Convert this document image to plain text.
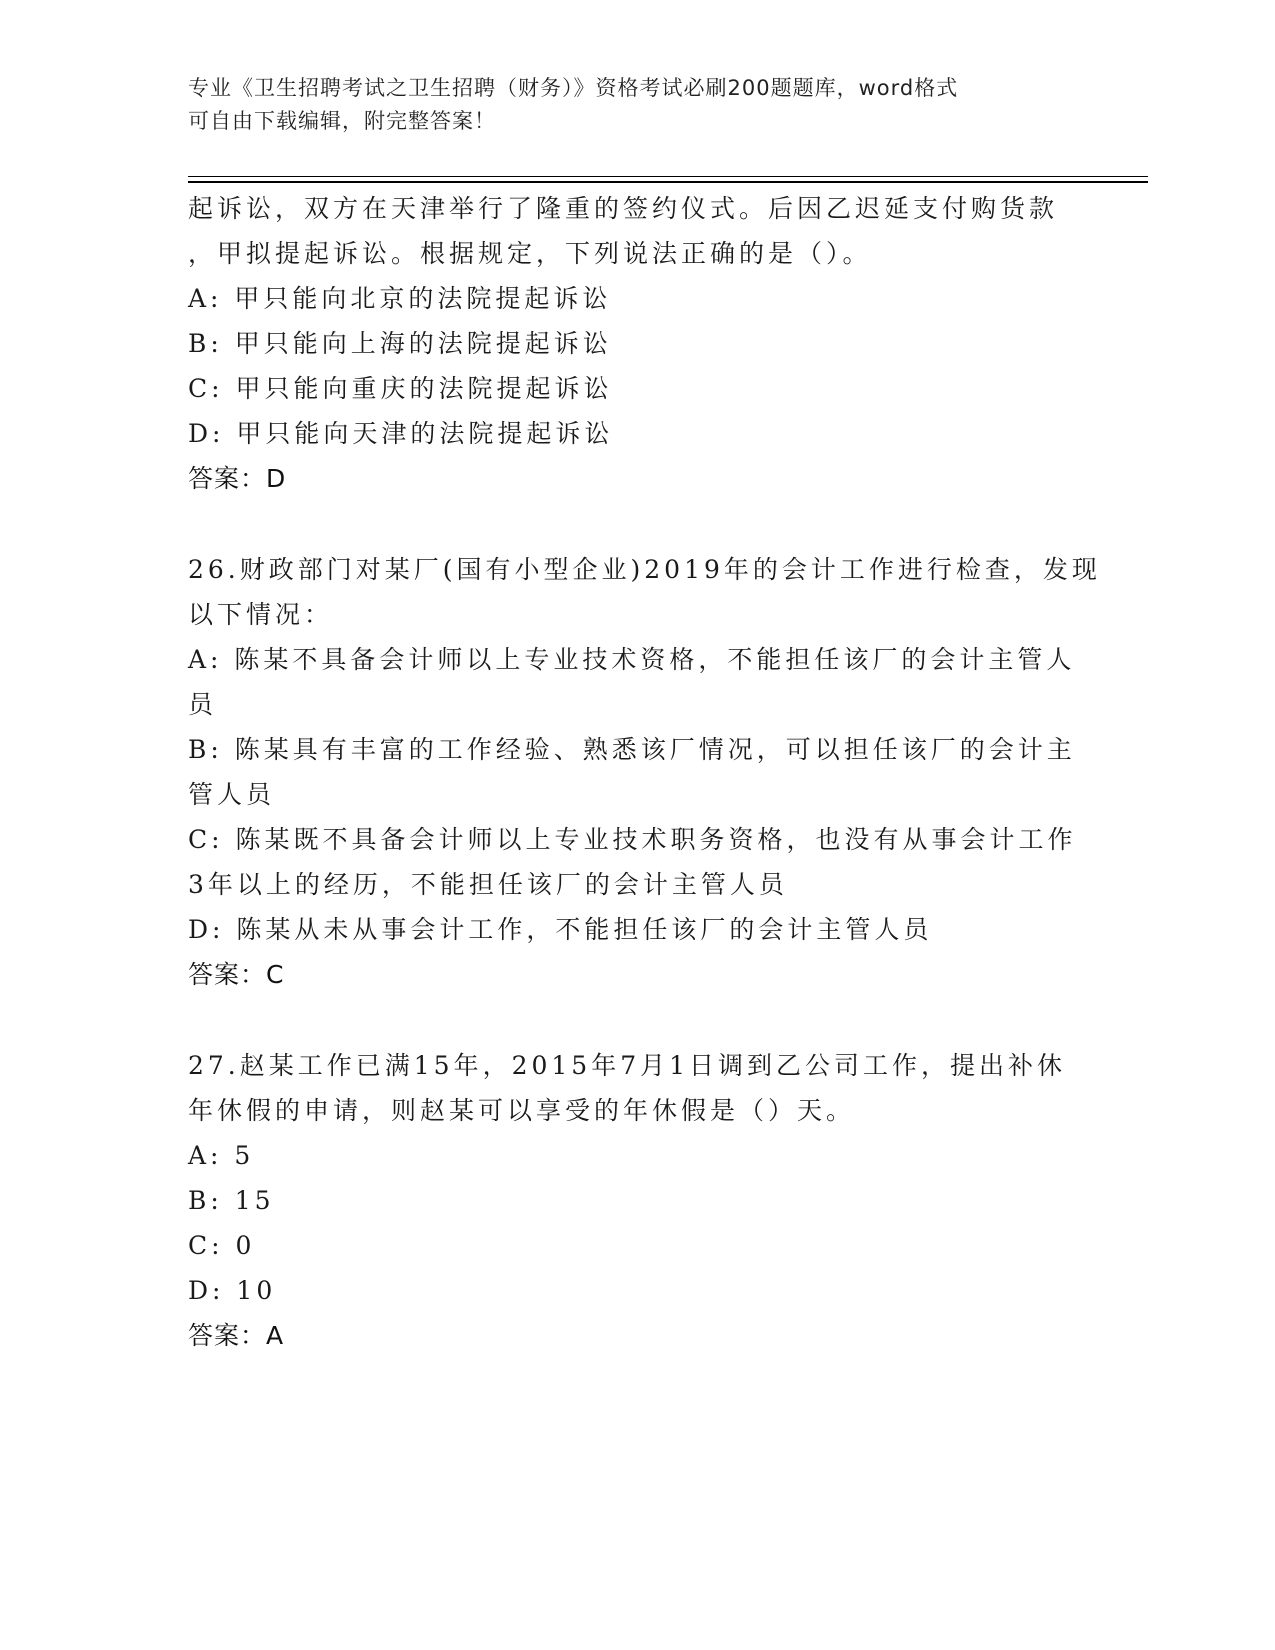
专业《卫生招聘考试之卫生招聘（财务）》资格考试必刷200题题库，word格式
可自由下载编辑，附完整答案！
起诉讼，双方在天津举行了隆重的签约仪式。后因乙迟延支付购货款
，甲拟提起诉讼。根据规定，下列说法正确的是（）。
A: 甲只能向北京的法院提起诉讼
B: 甲只能向上海的法院提起诉讼
C: 甲只能向重庆的法院提起诉讼
D: 甲只能向天津的法院提起诉讼
答案：D
26.财政部门对某厂(国有小型企业)2019年的会计工作进行检查，发现
以下情况：
A: 陈某不具备会计师以上专业技术资格，不能担任该厂的会计主管人
员
B: 陈某具有丰富的工作经验、熟悉该厂情况，可以担任该厂的会计主
管人员
C: 陈某既不具备会计师以上专业技术职务资格，也没有从事会计工作
3年以上的经历，不能担任该厂的会计主管人员
D: 陈某从未从事会计工作，不能担任该厂的会计主管人员
答案：C
27.赵某工作已满15年，2015年7月1日调到乙公司工作，提出补休
年休假的申请，则赵某可以享受的年休假是（）天。
A: 5
B: 15
C: 0
D: 10
答案：A
